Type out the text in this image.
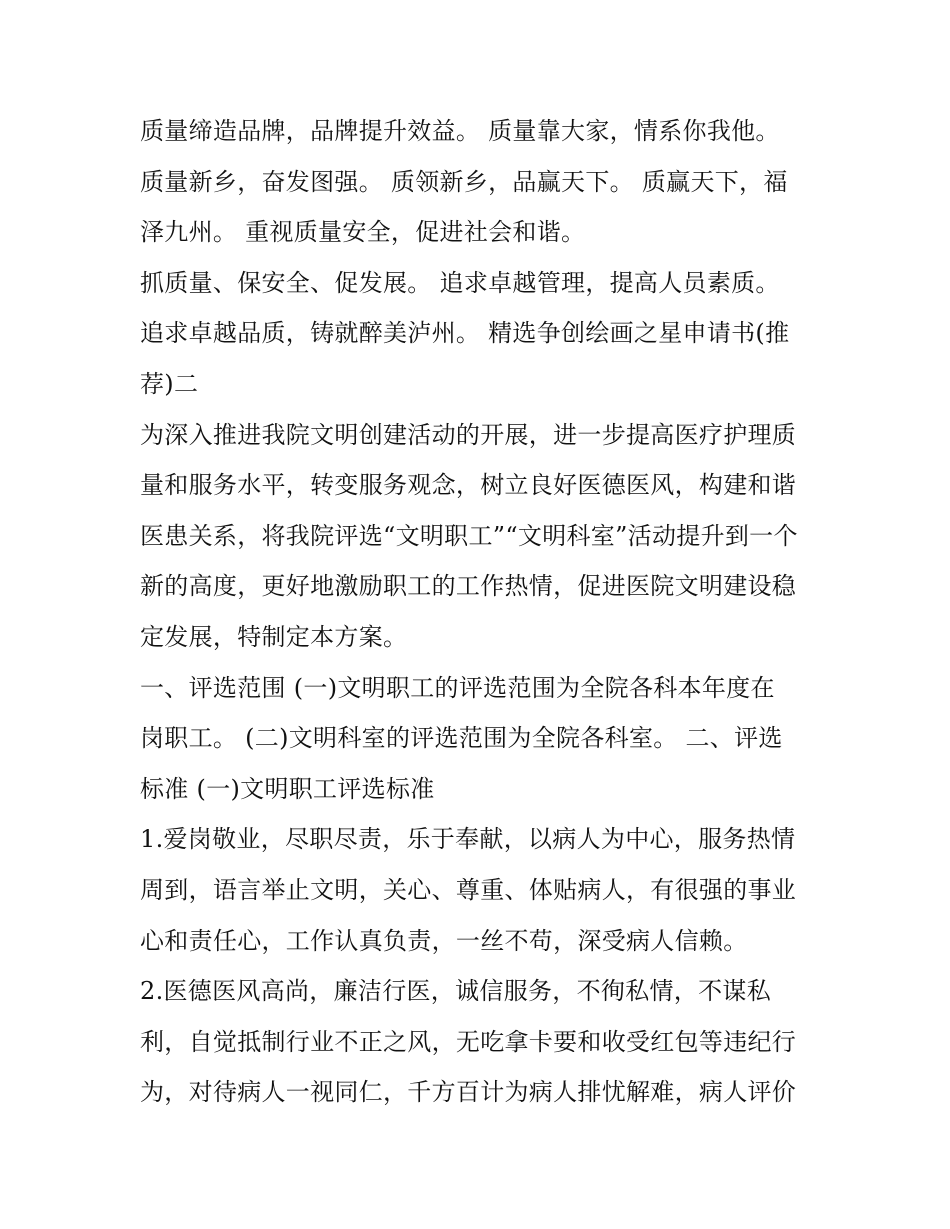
质量缔造品牌，品牌提升效益。 质量靠大家，情系你我他。
质量新乡，奋发图强。 质领新乡，品赢天下。 质赢天下，福
泽九州。 重视质量安全，促进社会和谐。
抓质量、保安全、促发展。 追求卓越管理，提高人员素质。
追求卓越品质，铸就醉美泸州。 精选争创绘画之星申请书(推
荐)二
为深入推进我院文明创建活动的开展，进一步提高医疗护理质
量和服务水平，转变服务观念，树立良好医德医风，构建和谐
医患关系，将我院评选“文明职工”“文明科室”活动提升到一个
新的高度，更好地激励职工的工作热情，促进医院文明建设稳
定发展，特制定本方案。
一、评选范围 (一)文明职工的评选范围为全院各科本年度在
岗职工。 (二)文明科室的评选范围为全院各科室。 二、评选
标准 (一)文明职工评选标准
1.爱岗敬业，尽职尽责，乐于奉献，以病人为中心，服务热情
周到，语言举止文明，关心、尊重、体贴病人，有很强的事业
心和责任心，工作认真负责，一丝不苟，深受病人信赖。
2.医德医风高尚，廉洁行医，诚信服务，不徇私情，不谋私
利，自觉抵制行业不正之风，无吃拿卡要和收受红包等违纪行
为，对待病人一视同仁，千方百计为病人排忧解难，病人评价
